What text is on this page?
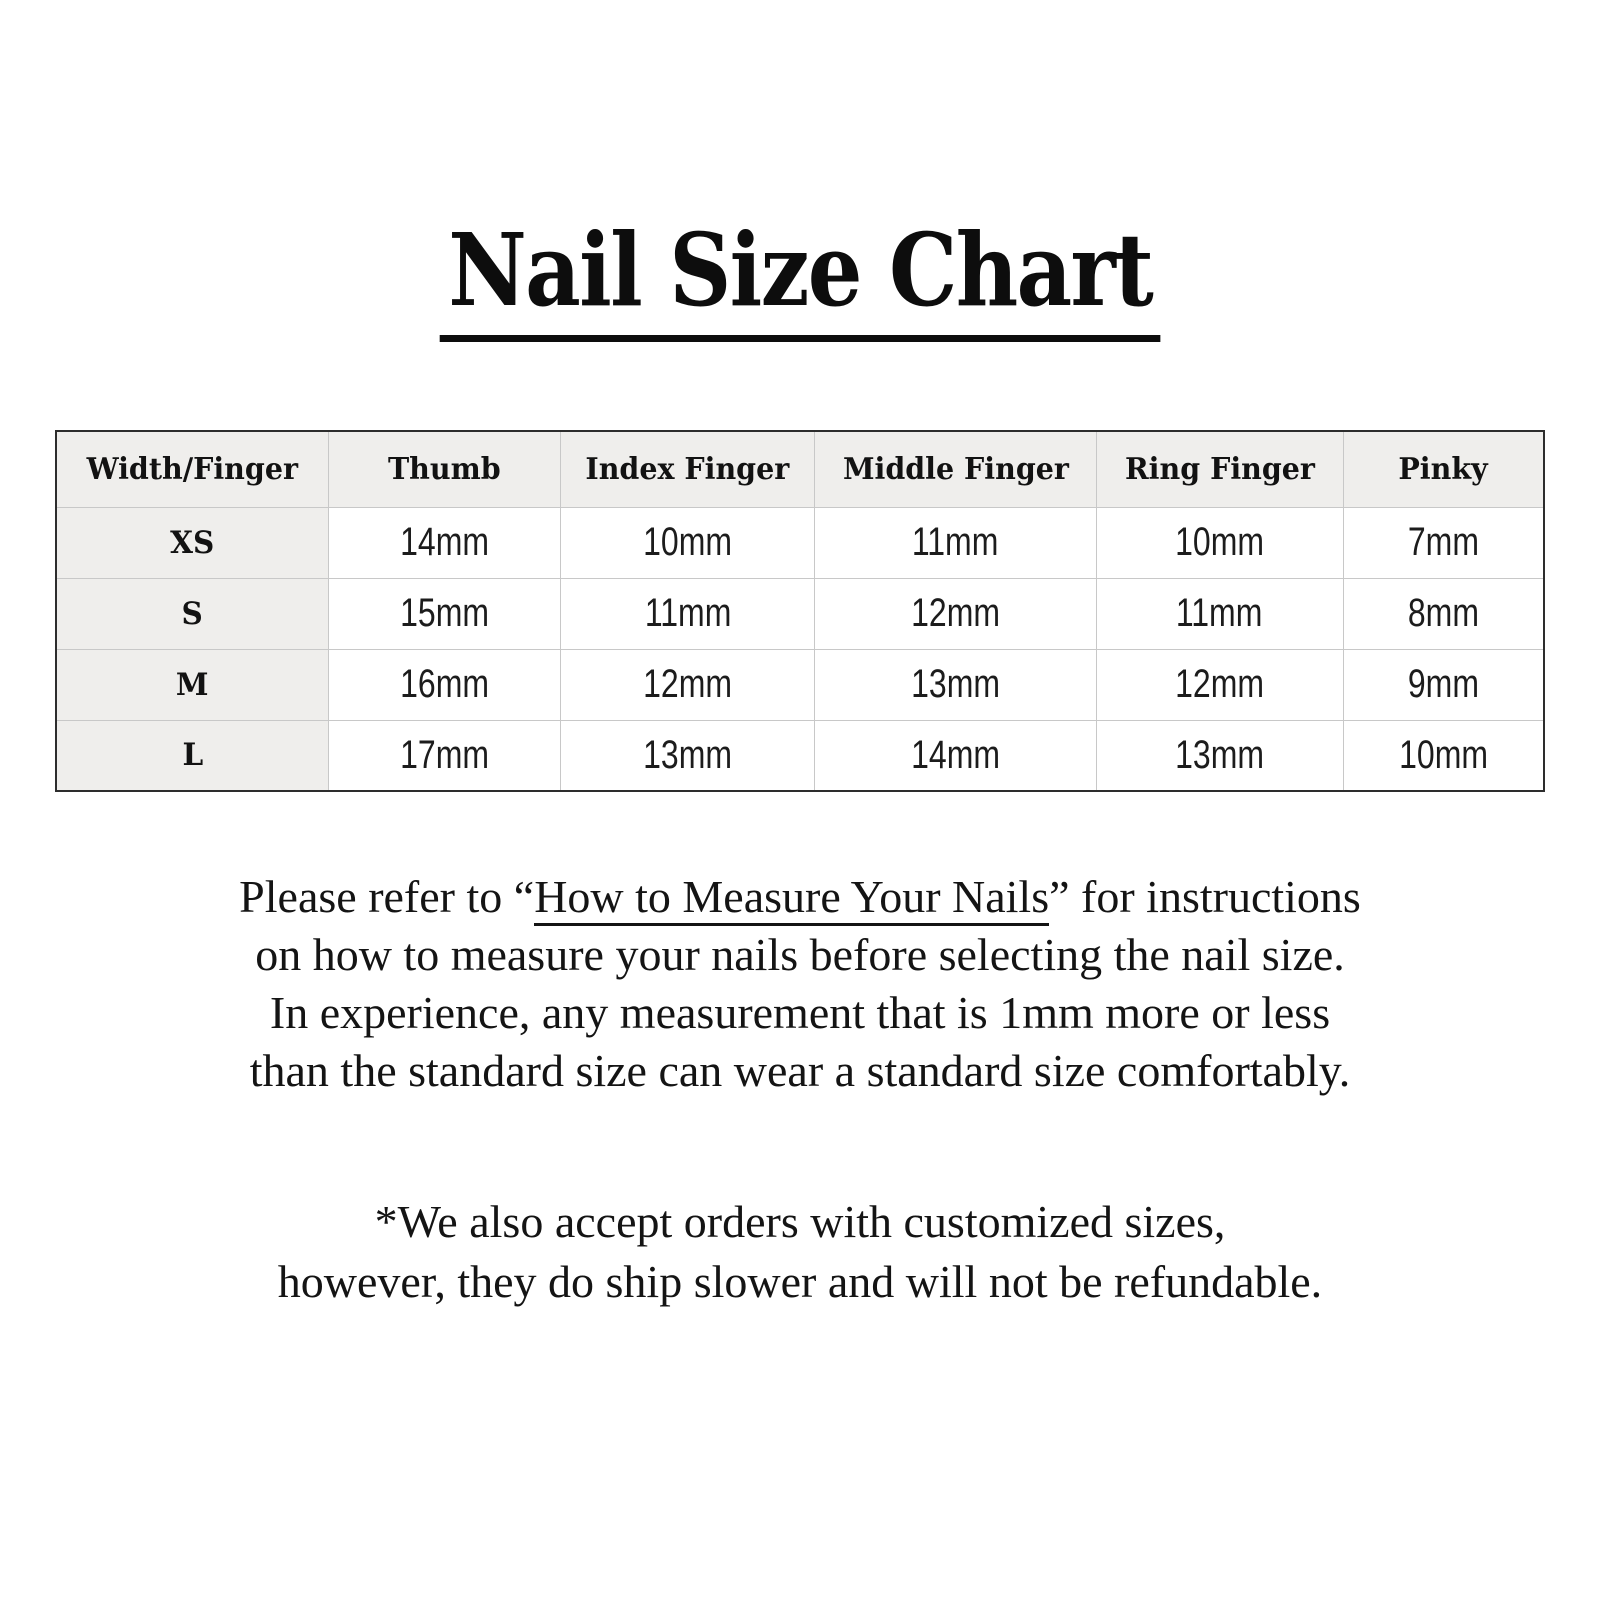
Nail Size Chart
Width/Finger	Thumb	Index Finger	Middle Finger	Ring Finger	Pinky
XS	14mm	10mm	11mm	10mm	7mm
S	15mm	11mm	12mm	11mm	8mm
M	16mm	12mm	13mm	12mm	9mm
L	17mm	13mm	14mm	13mm	10mm
Please refer to “How to Measure Your Nails” for instructions
on how to measure your nails before selecting the nail size.
In experience, any measurement that is 1mm more or less
than the standard size can wear a standard size comfortably.
*We also accept orders with customized sizes,
however, they do ship slower and will not be refundable.
